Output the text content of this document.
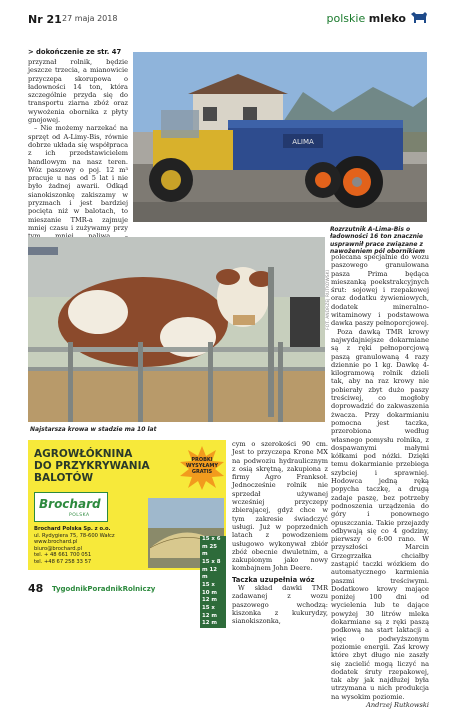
Nr 21 27 maja 2018	polskie mleko
> dokończenie ze str. 47

przyznał rolnik, będzie jeszcze trzecia, a mianowicie przyczepa skorupowa o ładowności 14 ton, która szczególnie przyda się do transportu ziarna zbóż oraz wywożenia obornika z płyty gnojowej.

– Nie możemy narzekać na sprzęt od A-Limy-Bis, równie dobrze układa się współpraca z ich przedstawicielem handlowym na nasz teren. Wóz paszowy o poj. 12 m³ pracuje u nas od 5 lat i nie było żadnej awarii. Odkąd sianokiszonkę zakiszamy w pryzmach i jest bardziej pocięta niż w balotach, to mieszanie TMR-a zajmuje mniej czasu i zużywamy przy

ALIMA
Rozrzutnik A-Lima-Bis o ładowności 16 ton znacznie usprawnił prace związane z nawożeniem pól obornikiem
Najstarsza krowa w stadzie ma 10 lat
FOT. ANDRZEJ RUTKOWSKI

polecana specjalnie do wozu paszowego granulowana pasza Prima będąca mieszanką poekstrakcyjnych śrut: sojowej i rzepakowej oraz dodatku żywieniowych, dodatek mineralno-witaminowy i podstawowa dawka paszy pełnoporcjowej.

Poza dawką TMR krowy najwydajniejsze dokarmiane są z ręki pełnoporcjową paszą granulowaną 4 razy dziennie po 1 kg. Dawkę 4-kilogramową rolnik dzieli tak, aby na raz krowy nie pobierały zbyt dużo paszy treściwej, co mogłoby doprowadzić do zakwaszenia żwacza. Przy dokarmianiu pomocna jest taczka, przerobiona według własnego pomysłu rolnika, z dospawanymi małymi kółkami pod nóżki. Dzięki temu dokarmianie przebiega szybciej i sprawniej. Hodowca jedną ręką popycha taczkę, a drugą zadaje paszę, bez potrzeby podnoszenia urządzenia do góry i ponownego opuszczania. Takie przejazdy odbywają się co 4 godziny, pierwszy o 6:00 rano. W przyszłości Marcin Grzegrzałka chciałby zastąpić taczki wózkiem do automatycznego karmienia paszmi treściwymi. Dodatkowo krowy mające poniżej 100 dni od wycielenia lub te dające powyżej 30 litrów mleka dokarmiane są z ręki paszą podkową na start laktacji a więc o podwyższonym poziomie energii. Zaś krowy które zbyt długo nie zaszły się zacielić mogą liczyć na dodatek śruty rzepakowej, tak aby jak najdłużej była utrzymana u nich produkcja na wysokim poziomie.

Andrzej Rutkowski

cym o szerokości 90 cm. Jest to przyczepa Krone MX na podwoziu hydraulicznym z osią skrętną, zakupiona z firmy Agro Franksoł. Jednocześnie rolnik nie sprzedał używanej wcześniej przyczepy zbierającej, gdyż chce w tym zakresie świadczyć usługi. Już w poprzednich latach z powodzeniem usługowo wykonywał zbiór zbóż obecnie dwuletnim, a zakupionym jako nowy kombajnem John Deere.

Taczka uzupełnia wóz

W skład dawki TMR zadawanej z wozu paszowego wchodzą: kiszonka z kukurydzy, sianokiszonka,

AGROWŁÓKNINA
DO PRZYKRYWANIA
BALOTÓW
PROBKI WYSYŁAMY GRATIS
Brochard
POLSKA
Brochard Polska Sp. z o.o.
ul. Rydygiera 75, 78-600 Wałcz
www.brochard.pl
biuro@brochard.pl
tel. + 48 661 700 051
tel. +48 67 258 33 57
15 x 6 m 25 m
15 x 8 m 12 m
15 x 10 m 12 m
15 x 12 m 12 m
48 TygodnikPoradnikRolniczy
